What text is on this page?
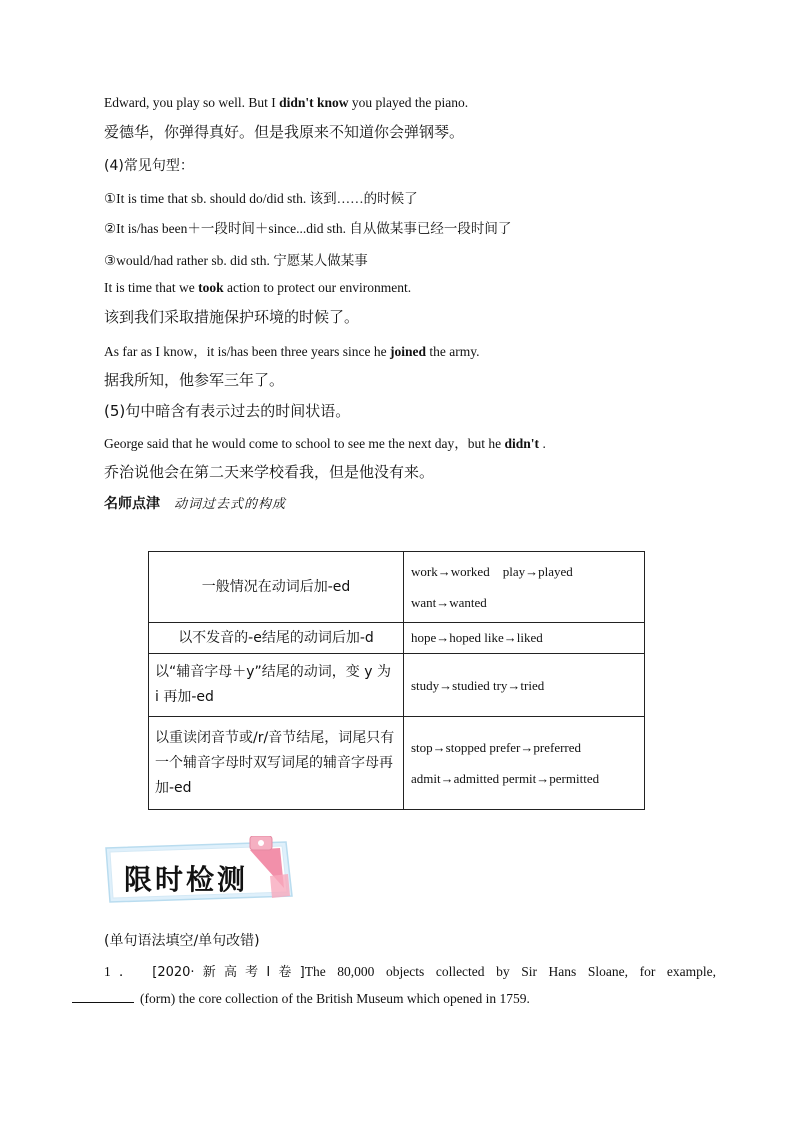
Edward, you play so well. But I didn't know you played the piano.
爱德华，你弹得真好。但是我原来不知道你会弹钢琴。
(4)常见句型：
①It is time that sb. should do/did sth. 该到……的时候了
②It is/has been＋一段时间＋since...did sth. 自从做某事已经一段时间了
③would/had rather sb. did sth. 宁愿某人做某事
It is time that we took action to protect our environment.
该到我们采取措施保护环境的时候了。
As far as I know，it is/has been three years since he joined the army.
据我所知，他参军三年了。
(5)句中暗含有表示过去的时间状语。
George said that he would come to school to see me the next day，but he didn't .
乔治说他会在第二天来学校看我，但是他没有来。
名师点津 动词过去式的构成
一般情况在动词后加-ed	work→worked    play→played
want→wanted

以不发音的-e结尾的动词后加-d	hope→hoped like→liked
以“辅音字母＋y”结尾的动词，变 y 为 i 再加-ed	study→studied try→tried
以重读闭音节或/r/音节结尾，词尾只有一个辅音字母时双写词尾的辅音字母再加-ed	stop→stopped prefer→preferred
admit→admitted permit→permitted
限时检测
(单句语法填空/单句改错)
1． [2020·新高考Ⅰ卷]The 80,000 objects collected by Sir Hans Sloane, for example,
(form) the core collection of the British Museum which opened in 1759.
